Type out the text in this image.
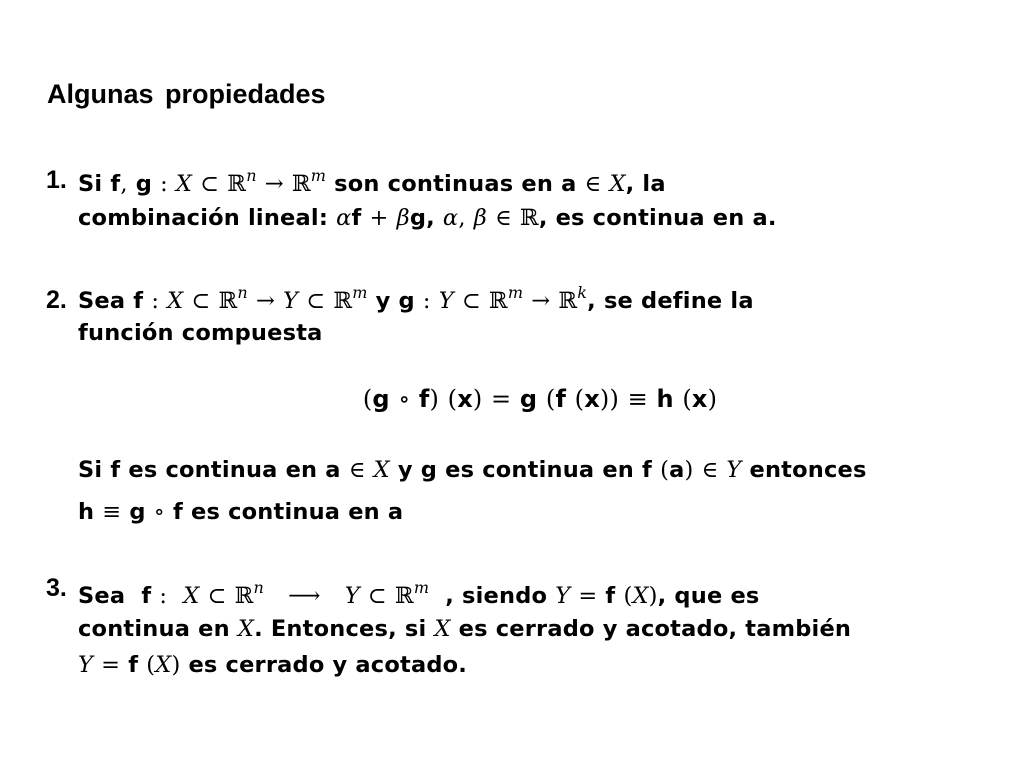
Algunas propiedades
1. Si f, g : X ⊂ ℝ$^n$ → ℝ$^m$ son continuas en a ∈ X, la
combinación lineal: αf + βg, α, β ∈ ℝ, es continua en a.
2. Sea f : X ⊂ ℝ$^n$ → Y ⊂ ℝ$^m$ y g : Y ⊂ ℝ$^m$ → ℝ$^k$, se define la
función compuesta
(g ∘ f) (x) = g (f (x)) ≡ h (x)
Si f es continua en a ∈ X y g es continua en f (a) ∈ Y entonces
h ≡ g ∘ f es continua en a
3. Sea  f : X ⊂ ℝ$^n$ ⟶ Y ⊂ ℝ$^m$  , siendo Y = f (X), que es
continua en X. Entonces, si X es cerrado y acotado, también
Y = f (X) es cerrado y acotado.
